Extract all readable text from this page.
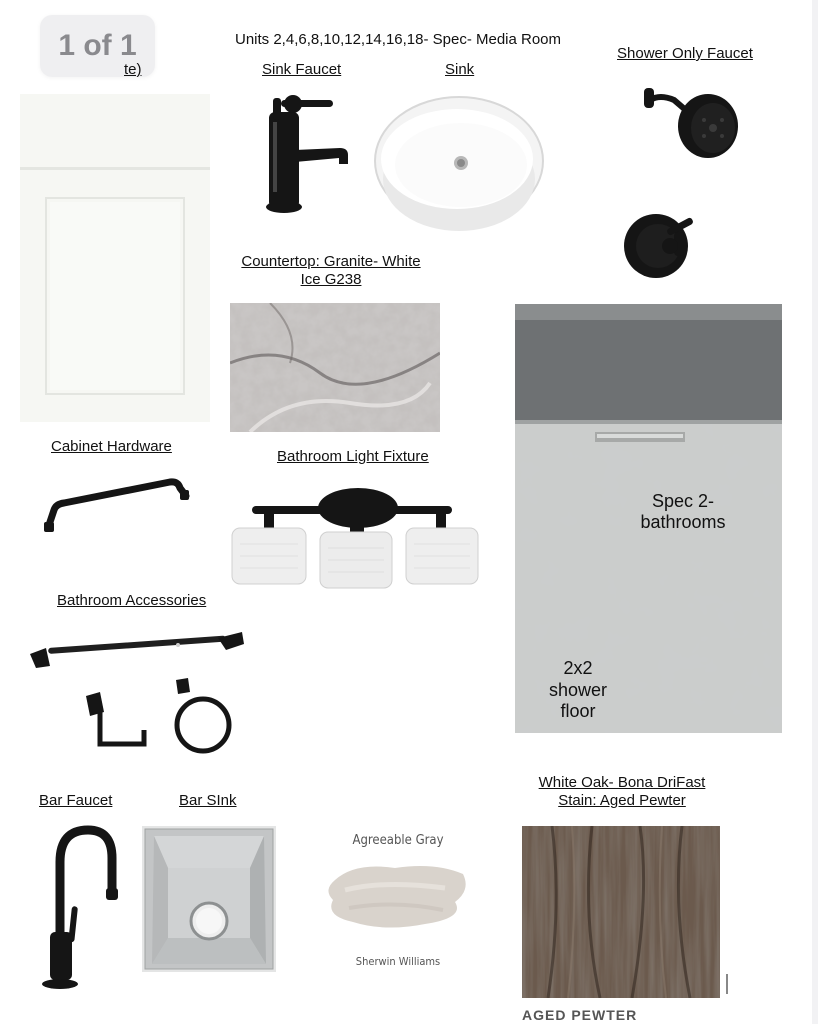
1 of 1	Units 2,4,6,8,10,12,14,16,18- Spec- Media Room
te)	Sink Faucet	Sink
Shower Only Faucet
Countertop: Granite- White
Ice G238
Spec 2-
bathrooms
2x2
shower
floor
Cabinet Hardware
Bathroom Light Fixture
Bathroom Accessories
Bar Faucet	Bar SInk
White Oak- Bona DriFast
Stain: Aged Pewter
Agreeable Gray
Sherwin Williams
AGED PEWTER
